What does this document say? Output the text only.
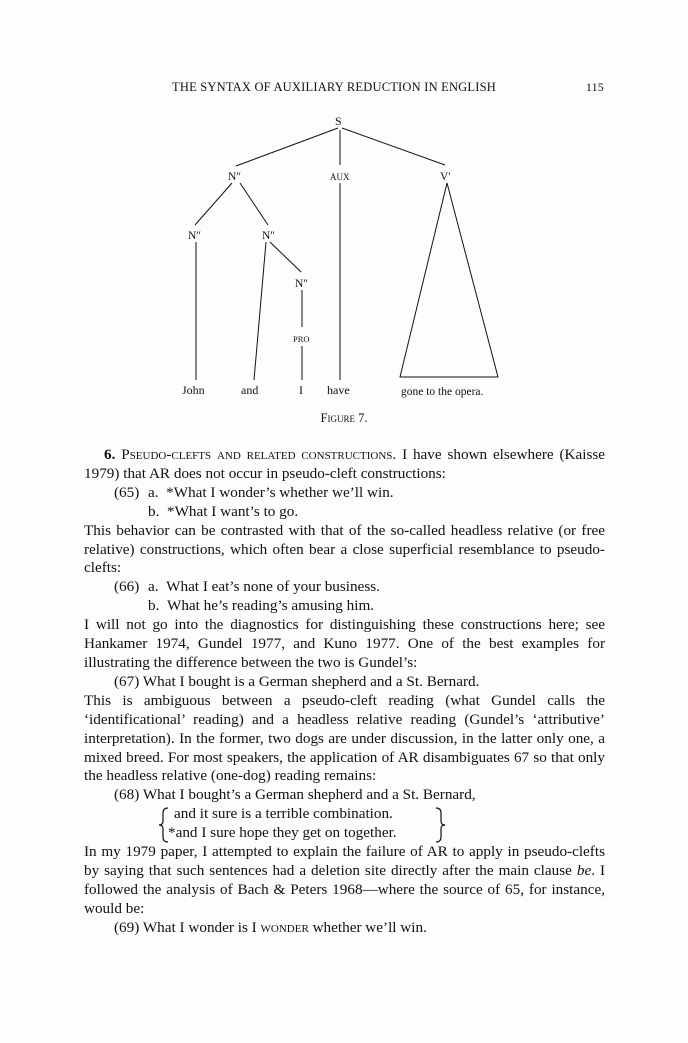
THE SYNTAX OF AUXILIARY REDUCTION IN ENGLISH	115
S
N″	AUX	V′
N″	N″
N″
PRO
John	and	I have	gone to the opera.
Figure 7.

6. Pseudo-clefts and related constructions. I have shown elsewhere (Kaisse 1979) that AR does not occur in pseudo-cleft constructions:

(65) a. *What I wonder’s whether we’ll win.
b. *What I want’s to go.

This behavior can be contrasted with that of the so-called headless relative (or free relative) constructions, which often bear a close superficial resemblance to pseudo-clefts:

(66) a. What I eat’s none of your business.
b. What he’s reading’s amusing him.

I will not go into the diagnostics for distinguishing these constructions here; see Hankamer 1974, Gundel 1977, and Kuno 1977. One of the best examples for illustrating the difference between the two is Gundel’s:

(67) What I bought is a German shepherd and a St. Bernard.

This is ambiguous between a pseudo-cleft reading (what Gundel calls the ‘identificational’ reading) and a headless relative reading (Gundel’s ‘attributive’ interpretation). In the former, two dogs are under discussion, in the latter only one, a mixed breed. For most speakers, the application of AR disambiguates 67 so that only the headless relative (one-dog) reading remains:

(68) What I bought’s a German shepherd and a St. Bernard,
and it sure is a terrible combination.
*and I sure hope they get on together.

In my 1979 paper, I attempted to explain the failure of AR to apply in pseudo-clefts by saying that such sentences had a deletion site directly after the main clause be. I followed the analysis of Bach & Peters 1968—where the source of 65, for instance, would be:

(69) What I wonder is I wonder whether we’ll win.
